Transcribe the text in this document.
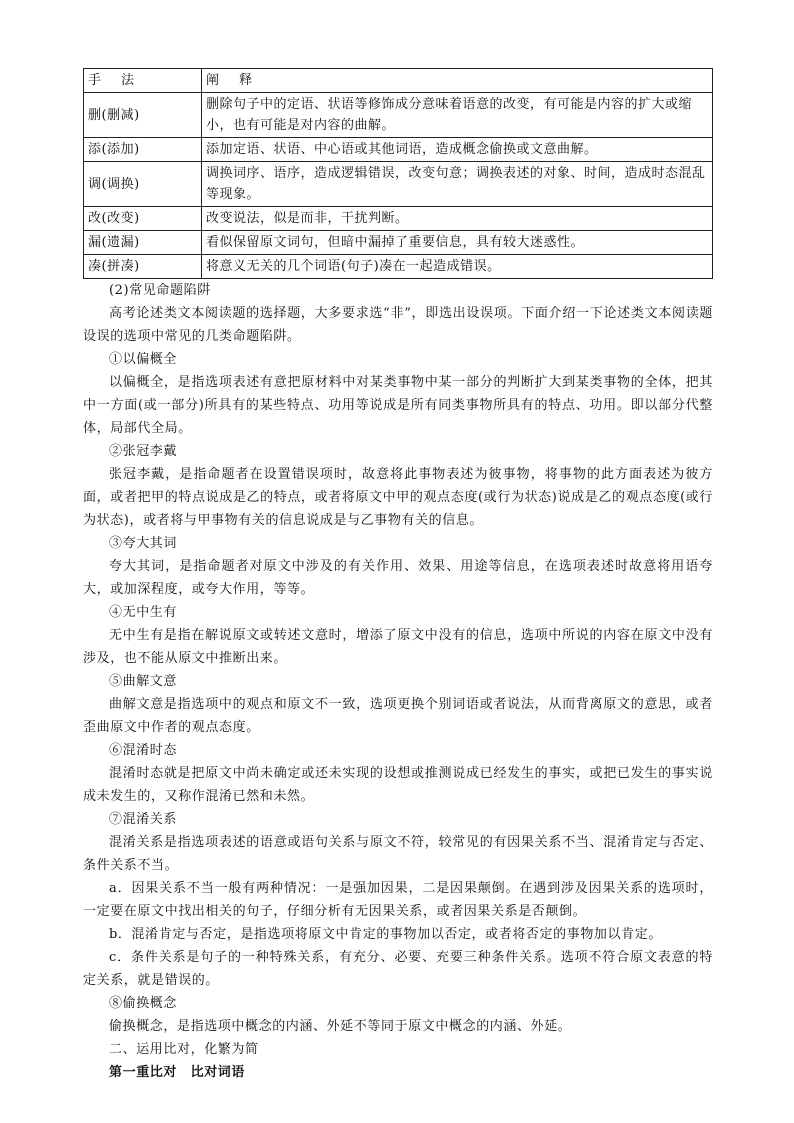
手 法	阐 释
删(删减)	删除句子中的定语、状语等修饰成分意味着语意的改变，有可能是内容的扩大或缩小，也有可能是对内容的曲解。
添(添加)	添加定语、状语、中心语或其他词语，造成概念偷换或文意曲解。
调(调换)	调换词序、语序，造成逻辑错误，改变句意；调换表述的对象、时间，造成时态混乱等现象。
改(改变)	改变说法，似是而非，干扰判断。
漏(遗漏)	看似保留原文词句，但暗中漏掉了重要信息，具有较大迷惑性。
凑(拼凑)	将意义无关的几个词语(句子)凑在一起造成错误。

(2)常见命题陷阱

高考论述类文本阅读题的选择题，大多要求选“非”，即选出设误项。下面介绍一下论述类文本阅读题设误的选项中常见的几类命题陷阱。

①以偏概全

以偏概全，是指选项表述有意把原材料中对某类事物中某一部分的判断扩大到某类事物的全体，把其中一方面(或一部分)所具有的某些特点、功用等说成是所有同类事物所具有的特点、功用。即以部分代整体，局部代全局。

②张冠李戴

张冠李戴，是指命题者在设置错误项时，故意将此事物表述为彼事物，将事物的此方面表述为彼方面，或者把甲的特点说成是乙的特点，或者将原文中甲的观点态度(或行为状态)说成是乙的观点态度(或行为状态)，或者将与甲事物有关的信息说成是与乙事物有关的信息。

③夸大其词

夸大其词，是指命题者对原文中涉及的有关作用、效果、用途等信息，在选项表述时故意将用语夸大，或加深程度，或夸大作用，等等。

④无中生有

无中生有是指在解说原文或转述文意时，增添了原文中没有的信息，选项中所说的内容在原文中没有涉及，也不能从原文中推断出来。

⑤曲解文意

曲解文意是指选项中的观点和原文不一致，选项更换个别词语或者说法，从而背离原文的意思，或者歪曲原文中作者的观点态度。

⑥混淆时态

混淆时态就是把原文中尚未确定或还未实现的设想或推测说成已经发生的事实，或把已发生的事实说成未发生的，又称作混淆已然和未然。

⑦混淆关系

混淆关系是指选项表述的语意或语句关系与原文不符，较常见的有因果关系不当、混淆肯定与否定、条件关系不当。

a．因果关系不当一般有两种情况：一是强加因果，二是因果颠倒。在遇到涉及因果关系的选项时，一定要在原文中找出相关的句子，仔细分析有无因果关系，或者因果关系是否颠倒。

b．混淆肯定与否定，是指选项将原文中肯定的事物加以否定，或者将否定的事物加以肯定。

c．条件关系是句子的一种特殊关系，有充分、必要、充要三种条件关系。选项不符合原文表意的特定关系，就是错误的。

⑧偷换概念

偷换概念，是指选项中概念的内涵、外延不等同于原文中概念的内涵、外延。

二、运用比对，化繁为简

第一重比对　比对词语
